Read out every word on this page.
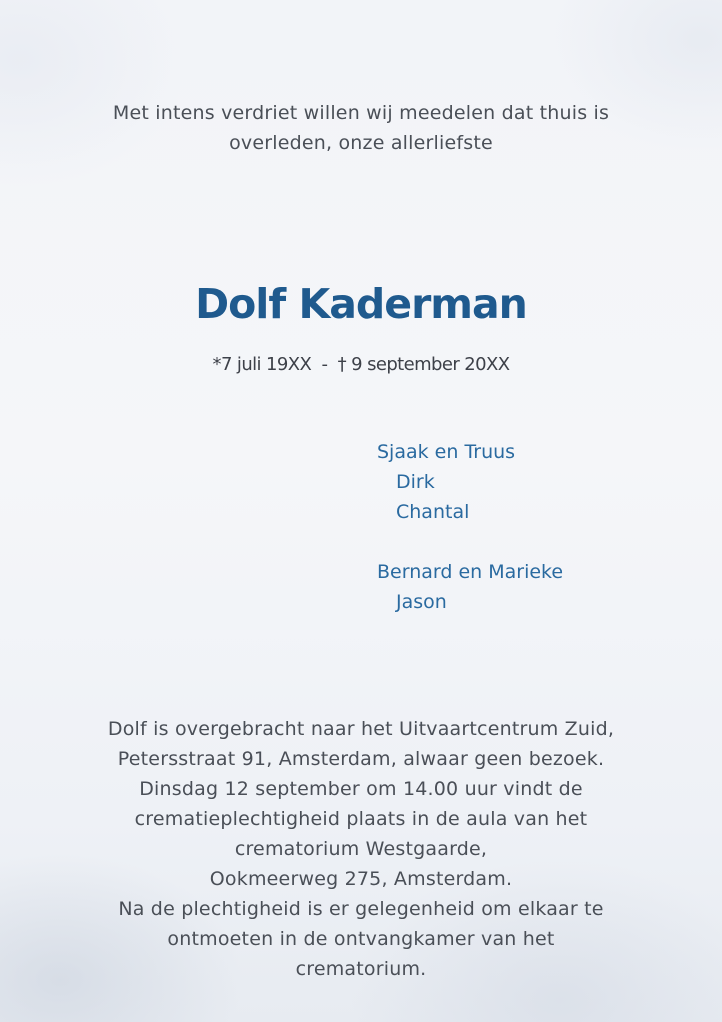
Met intens verdriet willen wij meedelen dat thuis is
overleden, onze allerliefste
Dolf Kaderman
*7 juli 19XX  -  † 9 september 20XX
Sjaak en Truus
Dirk
Chantal
Bernard en Marieke
Jason
Dolf is overgebracht naar het Uitvaartcentrum Zuid,
Petersstraat 91, Amsterdam, alwaar geen bezoek.
Dinsdag 12 september om 14.00 uur vindt de
crematieplechtigheid plaats in de aula van het
crematorium Westgaarde,
Ookmeerweg 275, Amsterdam.
Na de plechtigheid is er gelegenheid om elkaar te
ontmoeten in de ontvangkamer van het
crematorium.
